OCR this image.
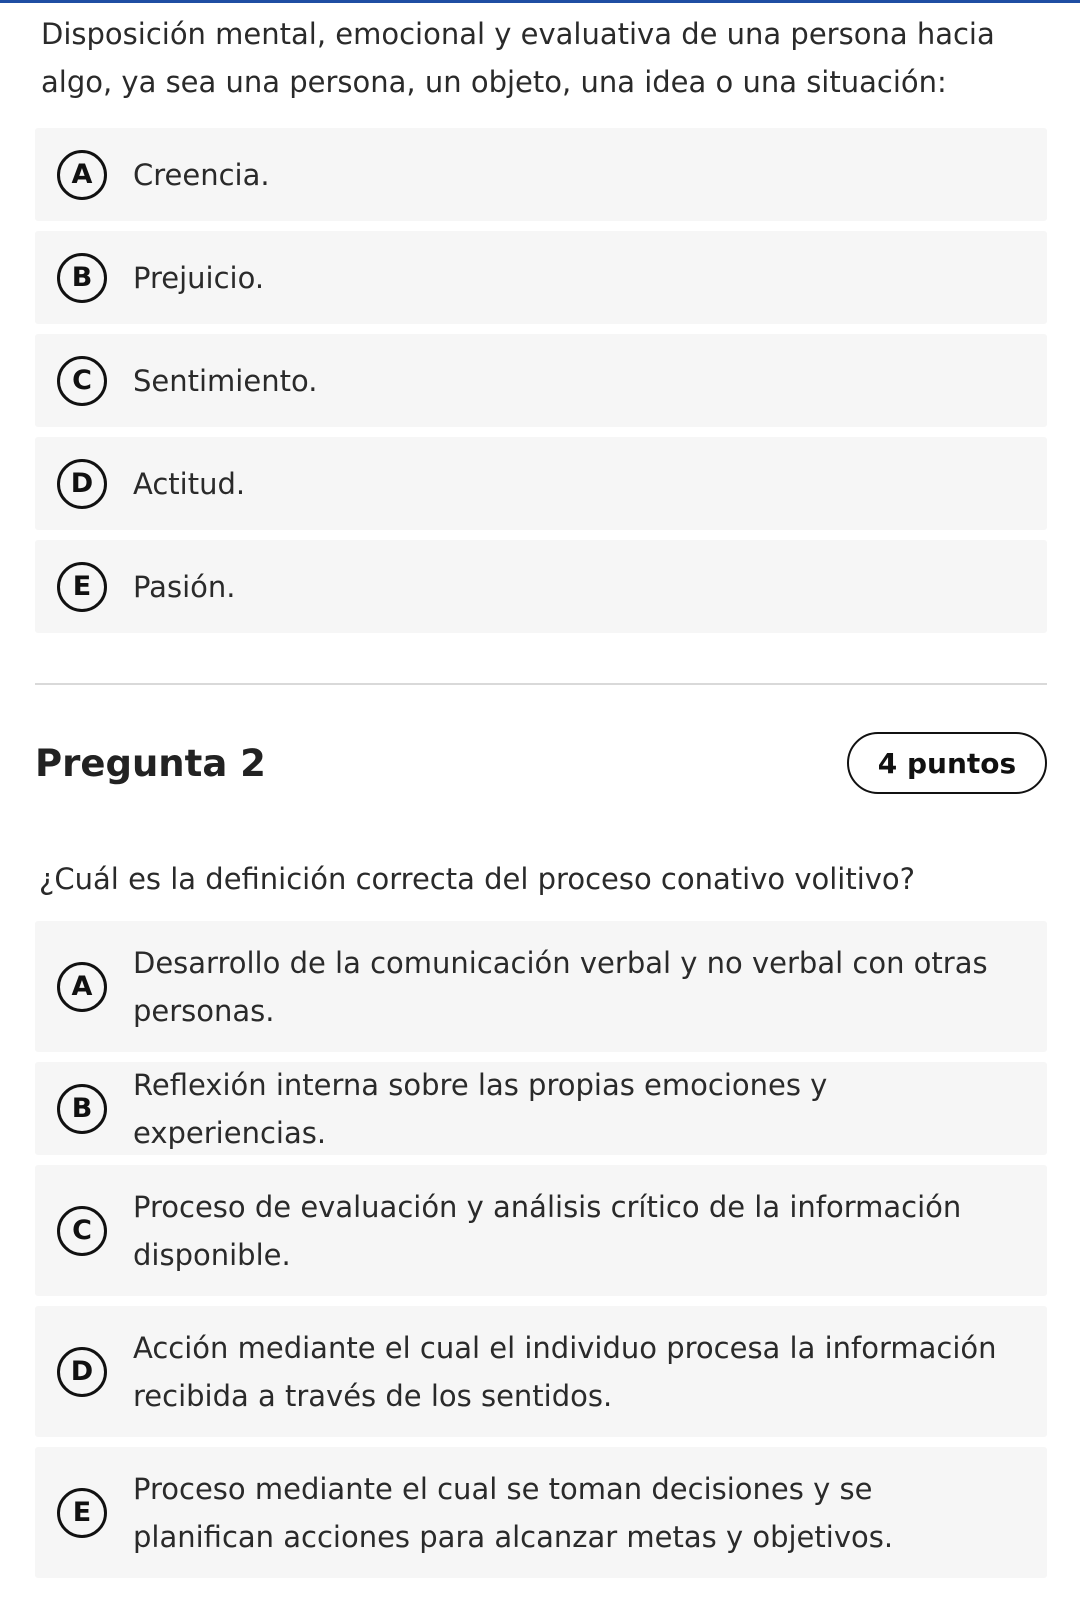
Disposición mental, emocional y evaluativa de una persona hacia algo, ya sea una persona, un objeto, una idea o una situación:
A	Creencia.
B	Prejuicio.
C	Sentimiento.
D	Actitud.
E	Pasión.
Pregunta 2	4 puntos
¿Cuál es la definición correcta del proceso conativo volitivo?
A
Desarrollo de la comunicación verbal y no verbal con otras personas.
B
Reflexión interna sobre las propias emociones y experiencias.
C
Proceso de evaluación y análisis crítico de la información disponible.
D
Acción mediante el cual el individuo procesa la información recibida a través de los sentidos.
E
Proceso mediante el cual se toman decisiones y se planifican acciones para alcanzar metas y objetivos.
